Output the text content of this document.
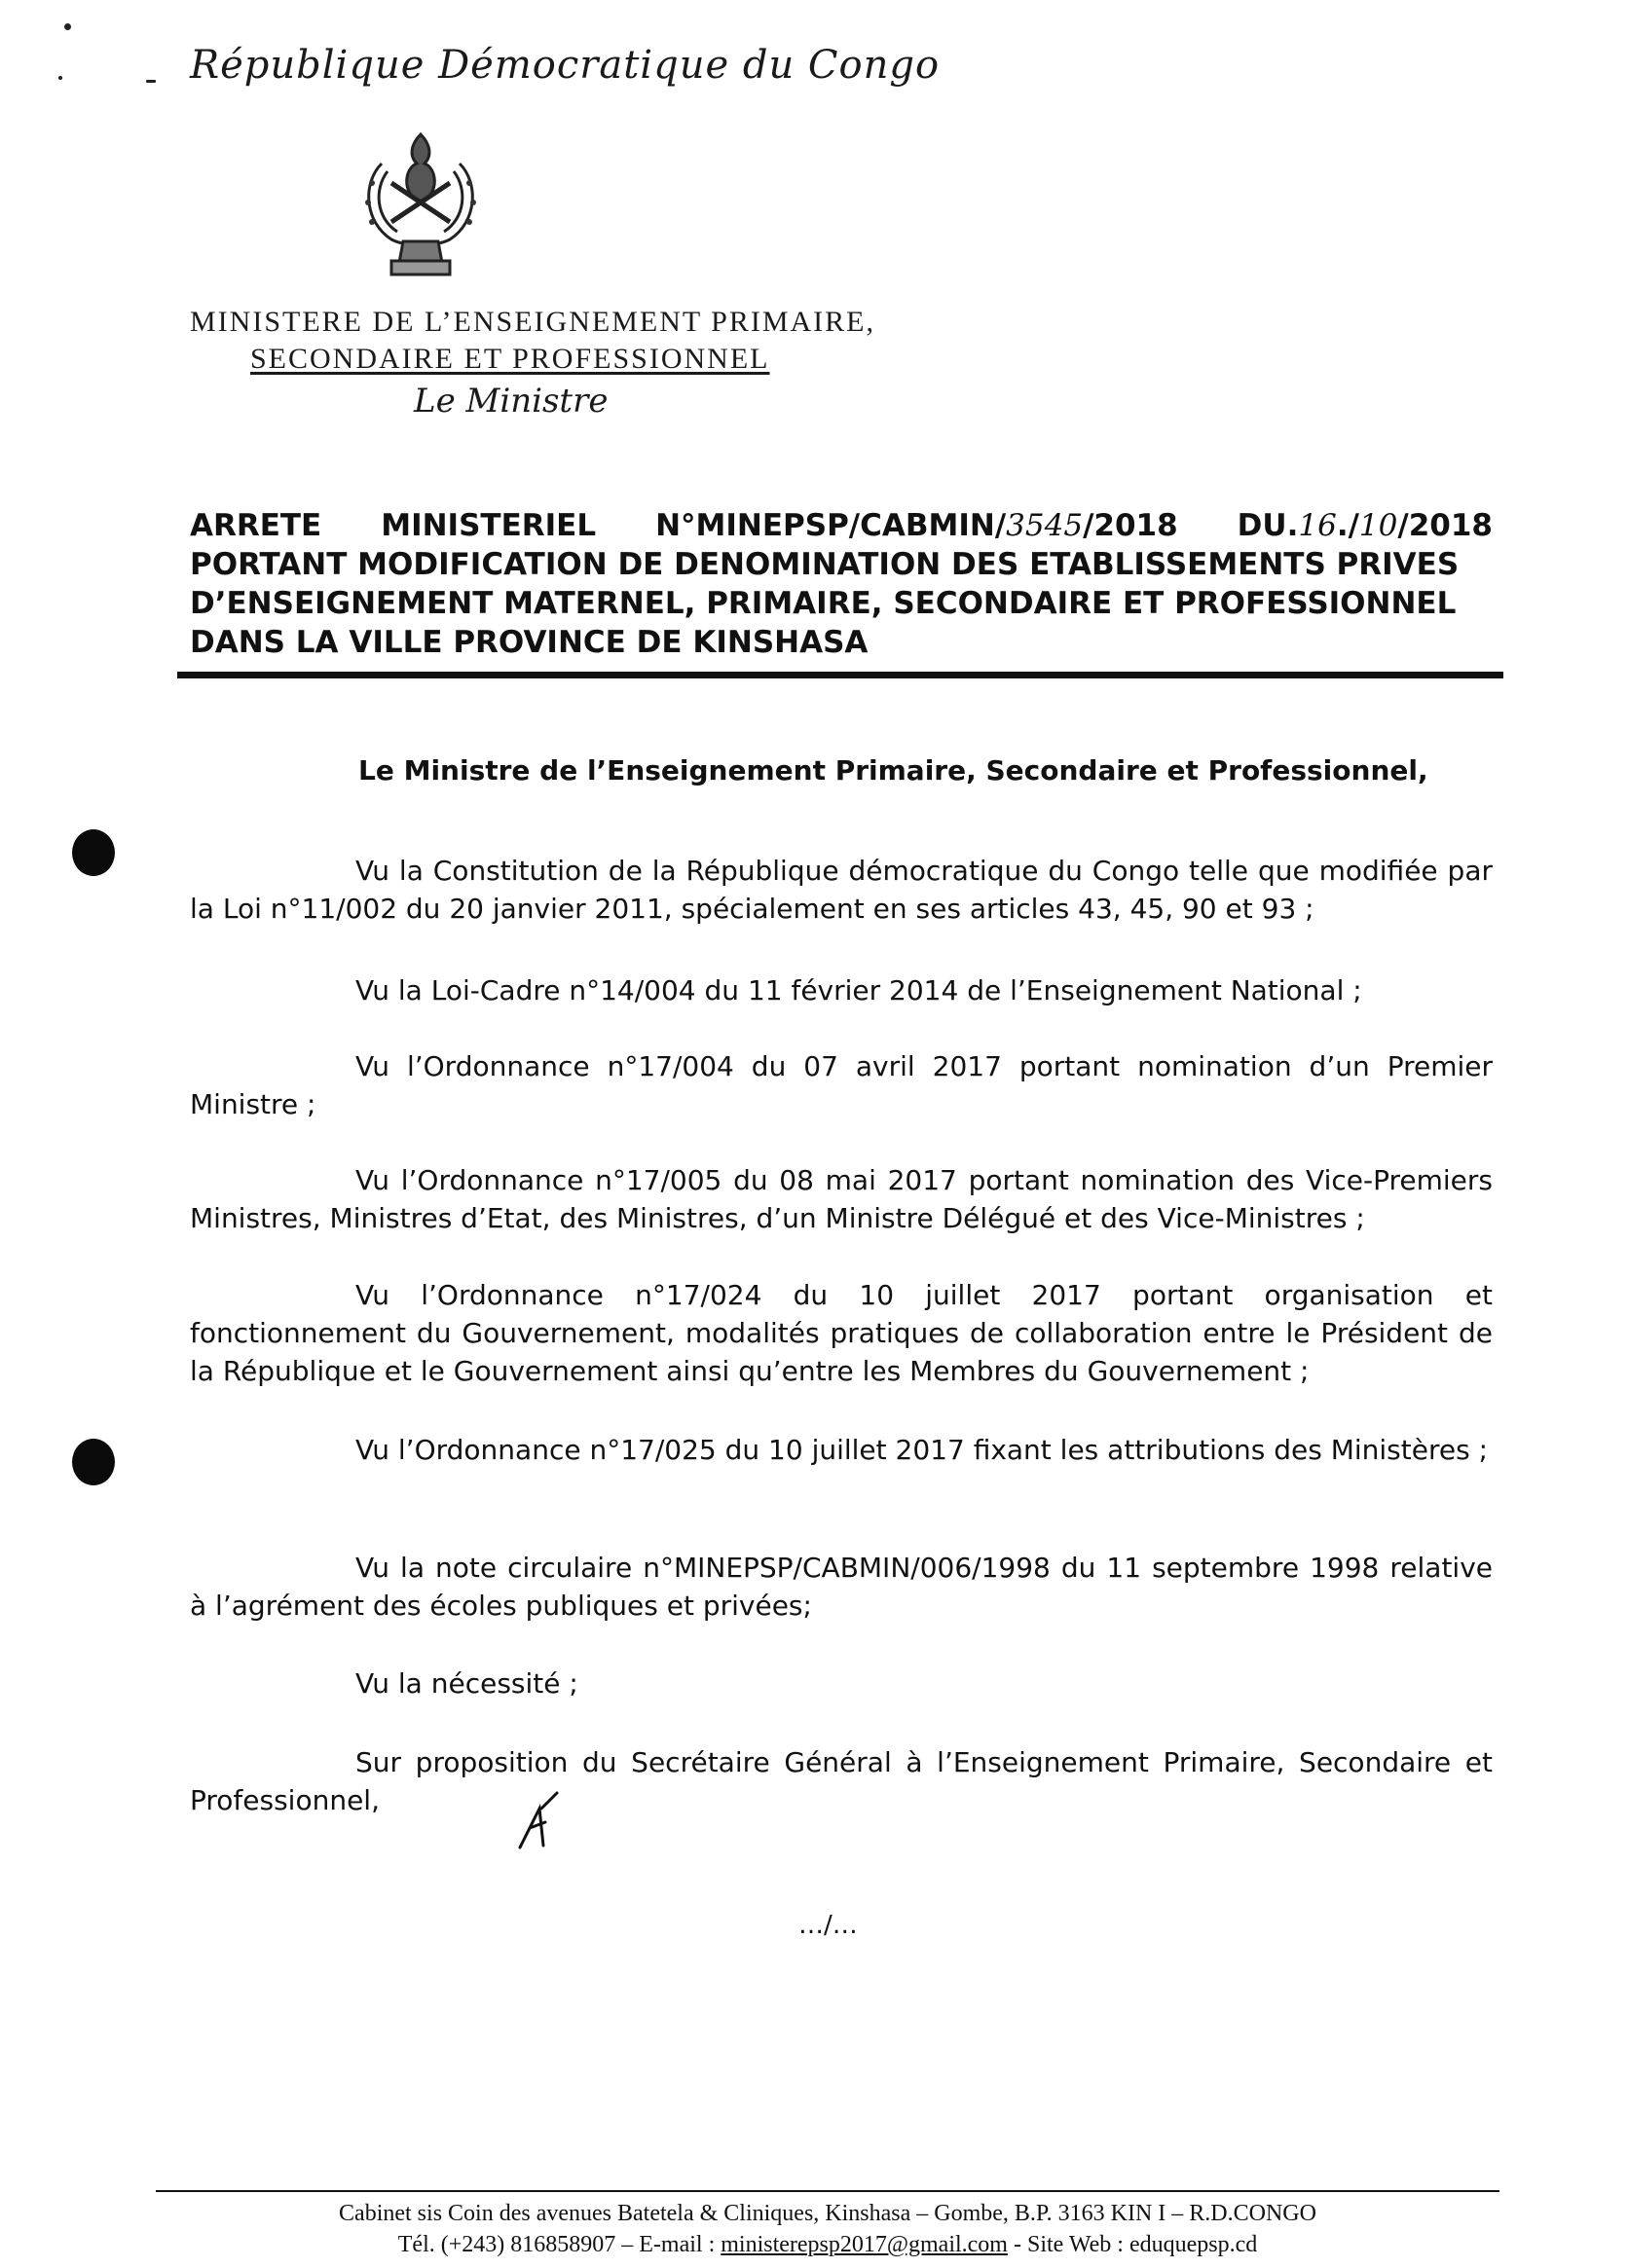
République Démocratique du Congo
MINISTERE DE L’ENSEIGNEMENT PRIMAIRE,
SECONDAIRE ET PROFESSIONNEL
Le Ministre
ARRETE MINISTERIEL N°MINEPSP/CABMIN/3545/2018 DU.16./10/2018
PORTANT MODIFICATION DE DENOMINATION DES ETABLISSEMENTS PRIVES
D’ENSEIGNEMENT MATERNEL, PRIMAIRE, SECONDAIRE ET PROFESSIONNEL
DANS LA VILLE PROVINCE DE KINSHASA
Le Ministre de l’Enseignement Primaire, Secondaire et Professionnel,
Vu la Constitution de la République démocratique du Congo telle que modifiée par la Loi n°11/002 du 20 janvier 2011, spécialement en ses articles 43, 45, 90 et 93 ;
Vu la Loi-Cadre n°14/004 du 11 février 2014 de l’Enseignement National ;
Vu l’Ordonnance n°17/004 du 07 avril 2017 portant nomination d’un Premier Ministre ;
Vu l’Ordonnance n°17/005 du 08 mai 2017 portant nomination des Vice-Premiers Ministres, Ministres d’Etat, des Ministres, d’un Ministre Délégué et des Vice-Ministres ;
Vu l’Ordonnance n°17/024 du 10 juillet 2017 portant organisation et fonctionnement du Gouvernement, modalités pratiques de collaboration entre le Président de la République et le Gouvernement ainsi qu’entre les Membres du Gouvernement ;
Vu l’Ordonnance n°17/025 du 10 juillet 2017 fixant les attributions des Ministères ;
Vu la note circulaire n°MINEPSP/CABMIN/006/1998 du 11 septembre 1998 relative à l’agrément des écoles publiques et privées;
Vu la nécessité ;
Sur proposition du Secrétaire Général à l’Enseignement Primaire, Secondaire et Professionnel,
…/…
Cabinet sis Coin des avenues Batetela & Cliniques, Kinshasa – Gombe, B.P. 3163 KIN I – R.D.CONGO
Tél. (+243) 816858907 – E-mail : ministerepsp2017@gmail.com - Site Web : eduquepsp.cd
